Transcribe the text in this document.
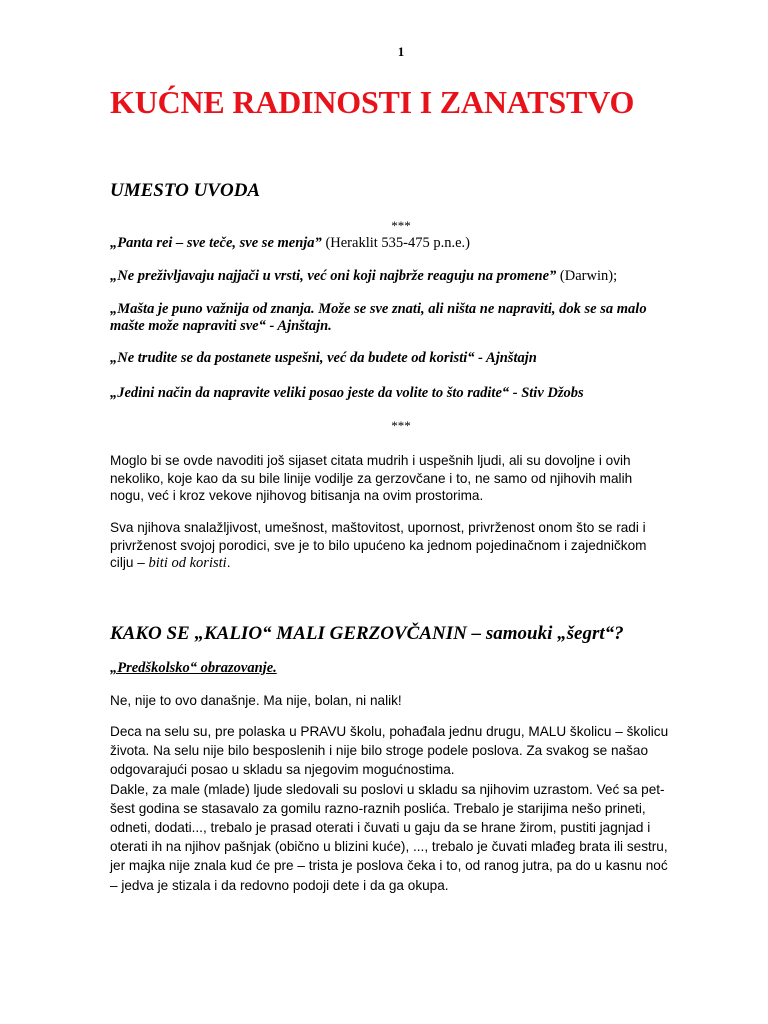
1
KUĆNE RADINOSTI I ZANATSTVO
UMESTO UVODA
***
„Panta rei – sve teče, sve se menja” (Heraklit 535-475 p.n.e.)
„Ne preživljavaju najjači u vrsti, već oni koji najbrže reaguju na promene” (Darwin);
„Mašta je puno važnija od znanja. Može se sve znati, ali ništa ne napraviti, dok se sa malo
mašte može napraviti sve“ - Ajnštajn.
„Ne trudite se da postanete uspešni, već da budete od koristi“ - Ajnštajn
„Jedini način da napravite veliki posao jeste da volite to što radite“ - Stiv Džobs
***
Moglo bi se ovde navoditi još sijaset citata mudrih i uspešnih ljudi, ali su dovoljne i ovih
nekoliko, koje kao da su bile linije vodilje za gerzovčane i to, ne samo od njihovih malih
nogu, već i kroz vekove njihovog bitisanja na ovim prostorima.
Sva njihova snalažljivost, umešnost, maštovitost, upornost, privrženost onom što se radi i
privrženost svojoj porodici, sve je to bilo upućeno ka jednom pojedinačnom i zajedničkom
cilju – biti od koristi.
KAKO SE „KALIO“ MALI GERZOVČANIN – samouki „šegrt“?
„Predškolsko“ obrazovanje.
Ne, nije to ovo današnje. Ma nije, bolan, ni nalik!
Deca na selu su, pre polaska u PRAVU školu, pohađala jednu drugu, MALU školicu – školicu
života. Na selu nije bilo besposlenih i nije bilo stroge podele poslova. Za svakog se našao
odgovarajući posao u skladu sa njegovim mogućnostima.
Dakle, za male (mlade) ljude sledovali su poslovi u skladu sa njihovim uzrastom. Već sa pet-
šest godina se stasavalo za gomilu razno-raznih poslića. Trebalo je starijima nešo prineti,
odneti, dodati..., trebalo je prasad oterati i čuvati u gaju da se hrane žirom, pustiti jagnjad i
oterati ih na njihov pašnjak (obično u blizini kuće), ..., trebalo je čuvati mlađeg brata ili sestru,
jer majka nije znala kud će pre – trista je poslova čeka i to, od ranog jutra, pa do u kasnu noć
– jedva je stizala i da redovno podoji dete i da ga okupa.
